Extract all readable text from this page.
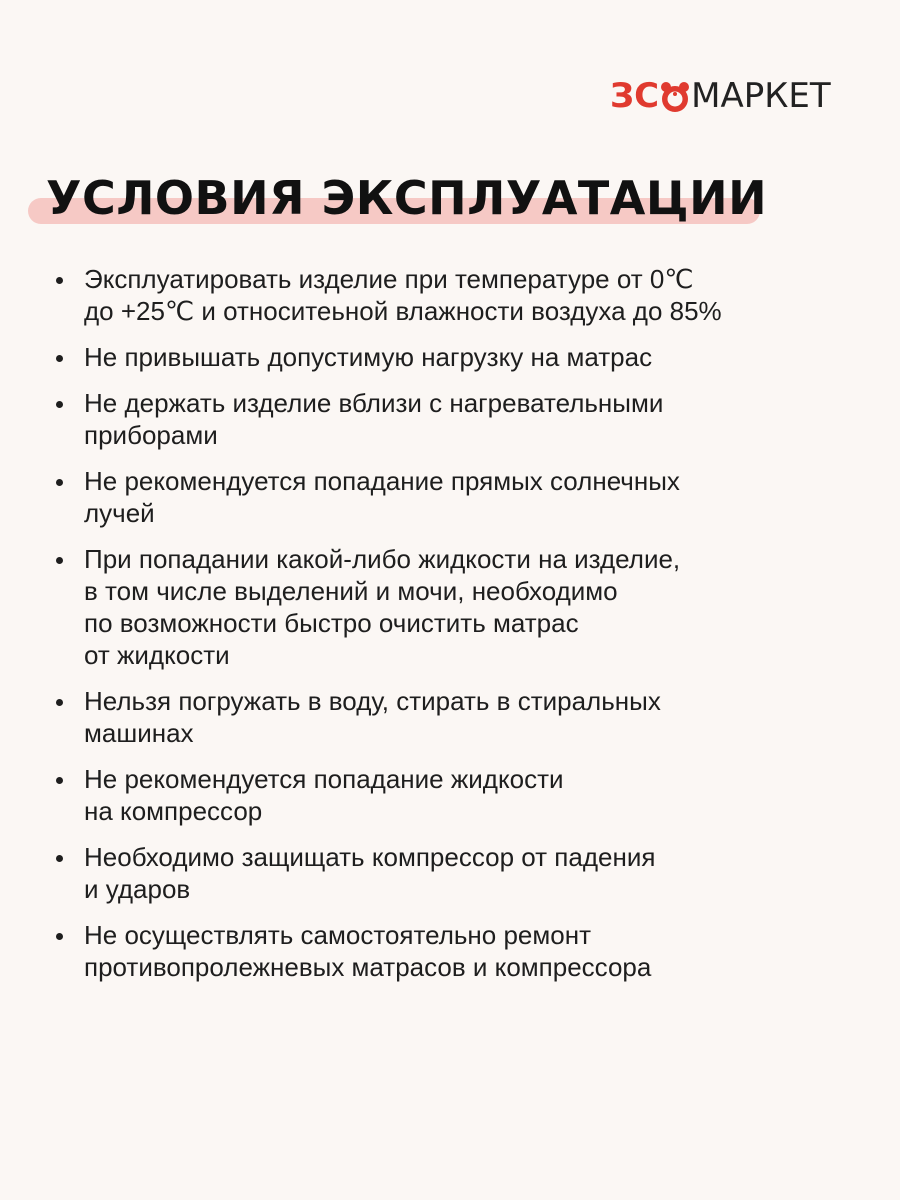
ЗС МАРКЕТ
УСЛОВИЯ ЭКСПЛУАТАЦИИ
Эксплуатировать изделие при температуре от 0℃
до +25℃ и относитеьной влажности воздуха до 85%
Не привышать допустимую нагрузку на матрас
Не держать изделие вблизи с нагревательными
приборами
Не рекомендуется попадание прямых солнечных
лучей
При попадании какой-либо жидкости на изделие,
в том числе выделений и мочи, необходимо
по возможности быстро очистить матрас
от жидкости
Нельзя погружать в воду, стирать в стиральных
машинах
Не рекомендуется попадание жидкости
на компрессор
Необходимо защищать компрессор от падения
и ударов
Не осуществлять самостоятельно ремонт
противопролежневых матрасов и компрессора
